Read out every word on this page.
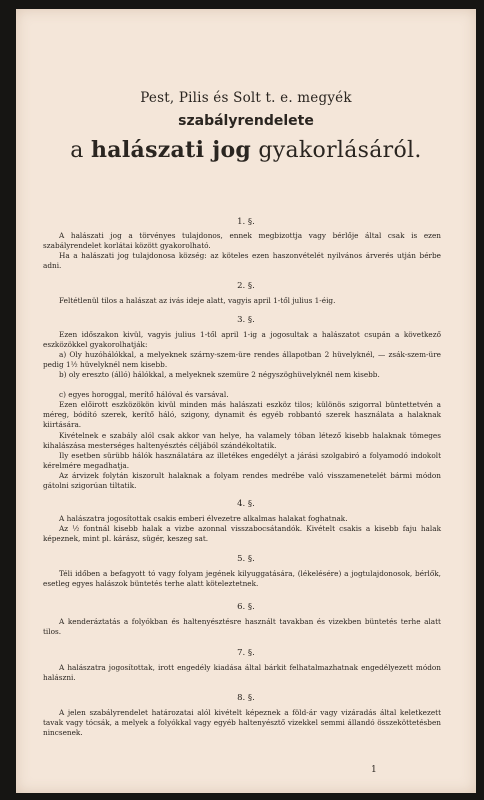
Pest, Pilis és Solt t. e. megyék
szabályrendelete
a halászati jog gyakorlásáról.
1. §.

A halászati jog a törvényes tulajdonos, ennek megbizottja vagy bérlője által csak is ezen szabályrendelet korlátai között gyakorolható.

Ha a halászati jog tulajdonosa község: az köteles ezen haszonvételét nyilvános árverés utján bérbe adni.

2. §.

Feltétlenül tilos a halászat az ivás ideje alatt, vagyis april 1-től julius 1-éig.

3. §.

Ezen időszakon kivül, vagyis julius 1-től april 1-ig a jogosultak a halászatot csupán a következő eszközökkel gyakorolhatják:

a) Oly huzóhálókkal, a melyeknek szárny-szem-üre rendes állapotban 2 hüvelyknél, — zsák-szem-üre pedig 1½ hüvelyknél nem kisebb.

b) oly ereszto (álló) hálókkal, a melyeknek szemüre 2 négyszöghüvelyknél nem kisebb.

c) egyes horoggal, merítő hálóval és varsával.

Ezen előirott eszközökön kivül minden más halászati eszköz tilos; különös szigorral büntettetvén a méreg, bódító szerek, kerítő háló, szigony, dynamit és egyéb robbantó szerek használata a halaknak kiirtására.

Kivételnek e szabály alól csak akkor van helye, ha valamely tóban létező kisebb halaknak tömeges kihalászása mesterséges haltenyésztés céljából szándékoltatik.

Ily esetben sürübb hálók használatára az illetékes engedélyt a járási szolgabiró a folyamodó indokolt kérelmére megadhatja.

Az árvizek folytán kiszorult halaknak a folyam rendes medrébe való visszamenetelét bármi módon gátolni szigorúan tiltatik.

4. §.

A halászatra jogosítottak csakis emberi élvezetre alkalmas halakat foghatnak.

Az ½ fontnál kisebb halak a vizbe azonnal visszabocsátandók. Kivételt csakis a kisebb faju halak képeznek, mint pl. kárász, sügér, keszeg sat.

5. §.

Téli időben a befagyott tó vagy folyam jegének kilyuggatására, (lékelésére) a jogtulajdonosok, bérlők, esetleg egyes halászok büntetés terhe alatt köteleztetnek.

6. §.

A kenderáztatás a folyókban és haltenyésztésre használt tavakban és vizekben büntetés terhe alatt tilos.

7. §.

A halászatra jogosítottak, irott engedély kiadása által bárkit felhatalmazhatnak engedélyezett módon halászni.

8. §.

A jelen szabályrendelet határozatai alól kivételt képeznek a föld-ár vagy vizáradás által keletkezett tavak vagy tócsák, a melyek a folyókkal vagy egyéb haltenyésztő vizekkel semmi állandó összeköttetésben nincsenek.

1
